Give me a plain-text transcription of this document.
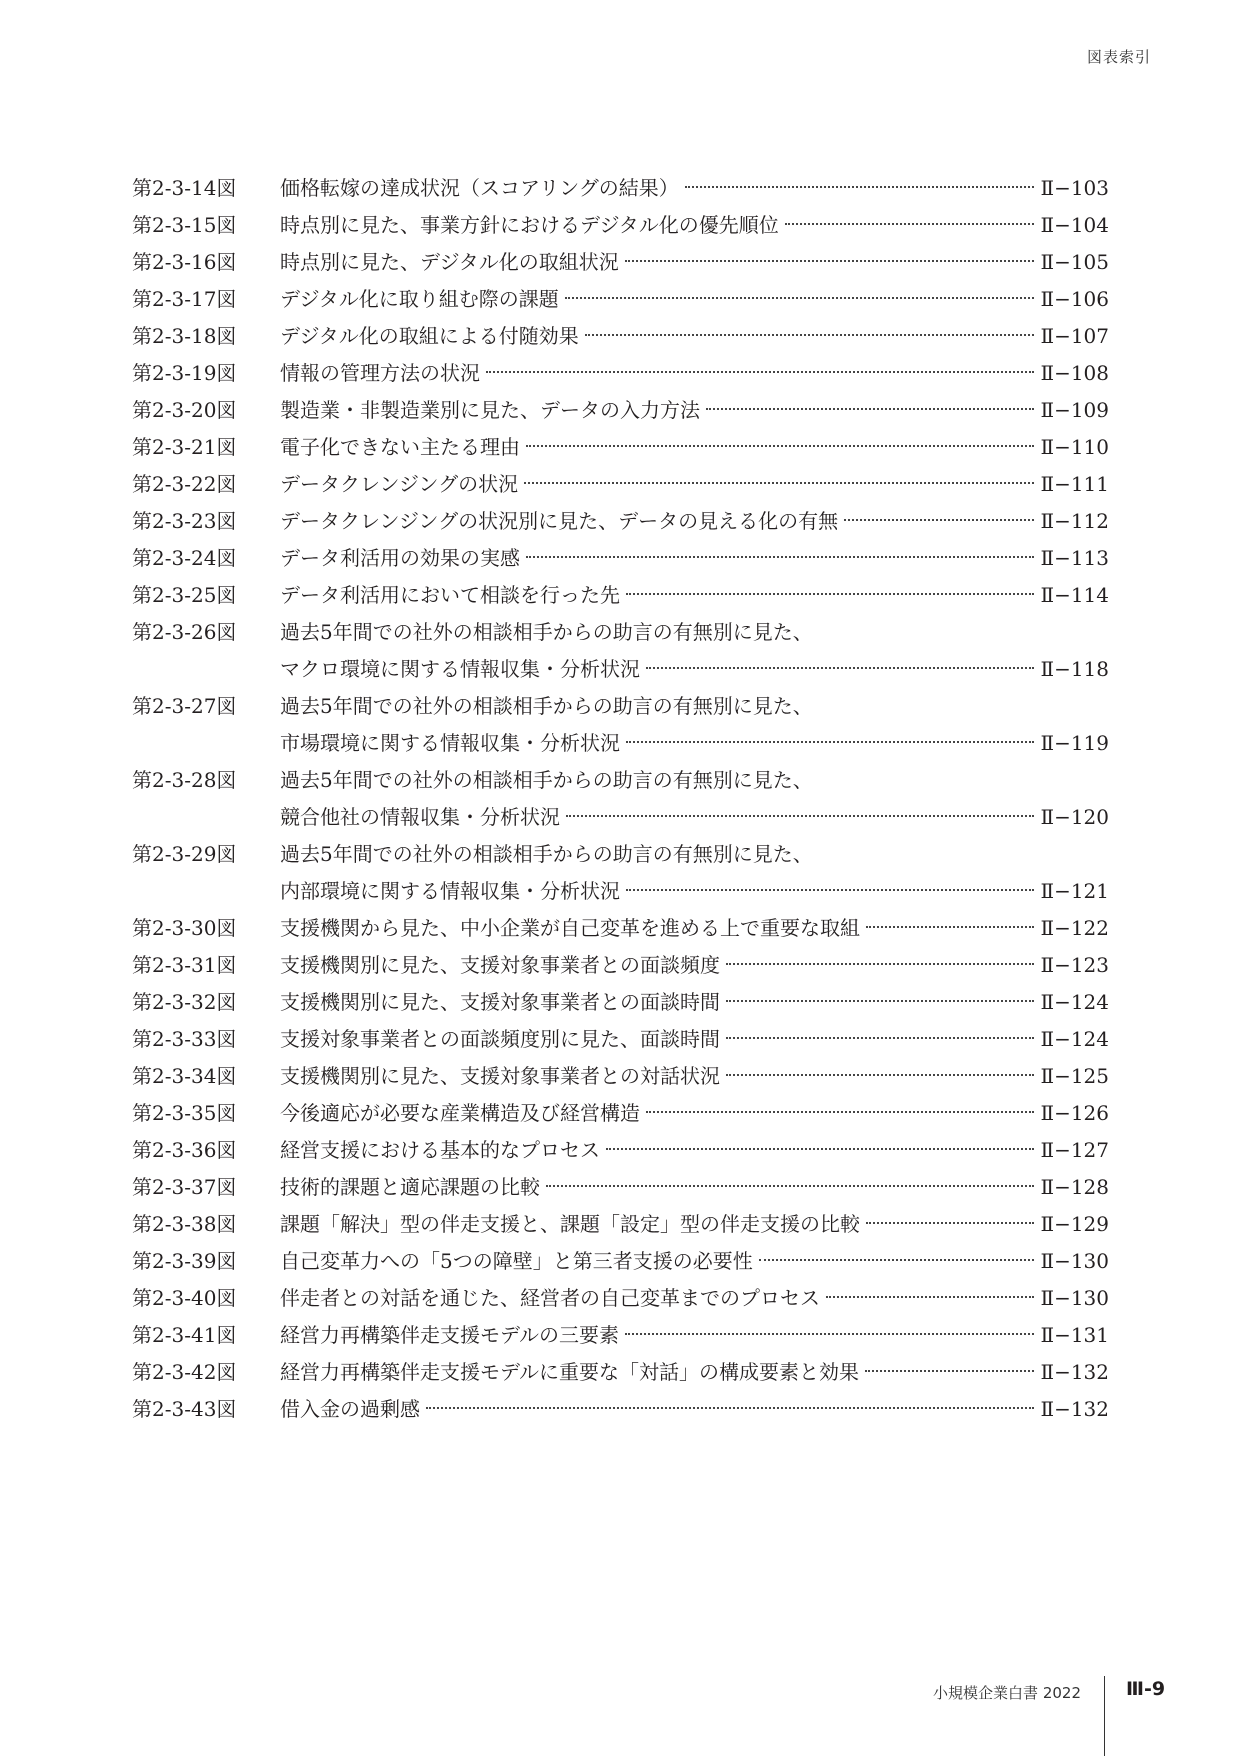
図表索引
第2-3-14図	価格転嫁の達成状況（スコアリングの結果）	Ⅱ−103
第2-3-15図	時点別に見た、事業方針におけるデジタル化の優先順位	Ⅱ−104
第2-3-16図	時点別に見た、デジタル化の取組状況	Ⅱ−105
第2-3-17図	デジタル化に取り組む際の課題	Ⅱ−106
第2-3-18図	デジタル化の取組による付随効果	Ⅱ−107
第2-3-19図	情報の管理方法の状況	Ⅱ−108
第2-3-20図	製造業・非製造業別に見た、データの入力方法	Ⅱ−109
第2-3-21図	電子化できない主たる理由	Ⅱ−110
第2-3-22図	データクレンジングの状況	Ⅱ−111
第2-3-23図	データクレンジングの状況別に見た、データの見える化の有無	Ⅱ−112
第2-3-24図	データ利活用の効果の実感	Ⅱ−113
第2-3-25図	データ利活用において相談を行った先	Ⅱ−114
第2-3-26図	過去5年間での社外の相談相手からの助言の有無別に見た、
マクロ環境に関する情報収集・分析状況	Ⅱ−118
第2-3-27図	過去5年間での社外の相談相手からの助言の有無別に見た、
市場環境に関する情報収集・分析状況	Ⅱ−119
第2-3-28図	過去5年間での社外の相談相手からの助言の有無別に見た、
競合他社の情報収集・分析状況	Ⅱ−120
第2-3-29図	過去5年間での社外の相談相手からの助言の有無別に見た、
内部環境に関する情報収集・分析状況	Ⅱ−121
第2-3-30図	支援機関から見た、中小企業が自己変革を進める上で重要な取組	Ⅱ−122
第2-3-31図	支援機関別に見た、支援対象事業者との面談頻度	Ⅱ−123
第2-3-32図	支援機関別に見た、支援対象事業者との面談時間	Ⅱ−124
第2-3-33図	支援対象事業者との面談頻度別に見た、面談時間	Ⅱ−124
第2-3-34図	支援機関別に見た、支援対象事業者との対話状況	Ⅱ−125
第2-3-35図	今後適応が必要な産業構造及び経営構造	Ⅱ−126
第2-3-36図	経営支援における基本的なプロセス	Ⅱ−127
第2-3-37図	技術的課題と適応課題の比較	Ⅱ−128
第2-3-38図	課題「解決」型の伴走支援と、課題「設定」型の伴走支援の比較	Ⅱ−129
第2-3-39図	自己変革力への「5つの障壁」と第三者支援の必要性	Ⅱ−130
第2-3-40図	伴走者との対話を通じた、経営者の自己変革までのプロセス	Ⅱ−130
第2-3-41図	経営力再構築伴走支援モデルの三要素	Ⅱ−131
第2-3-42図	経営力再構築伴走支援モデルに重要な「対話」の構成要素と効果	Ⅱ−132
第2-3-43図	借入金の過剰感	Ⅱ−132
小規模企業白書 2022 Ⅲ-9
